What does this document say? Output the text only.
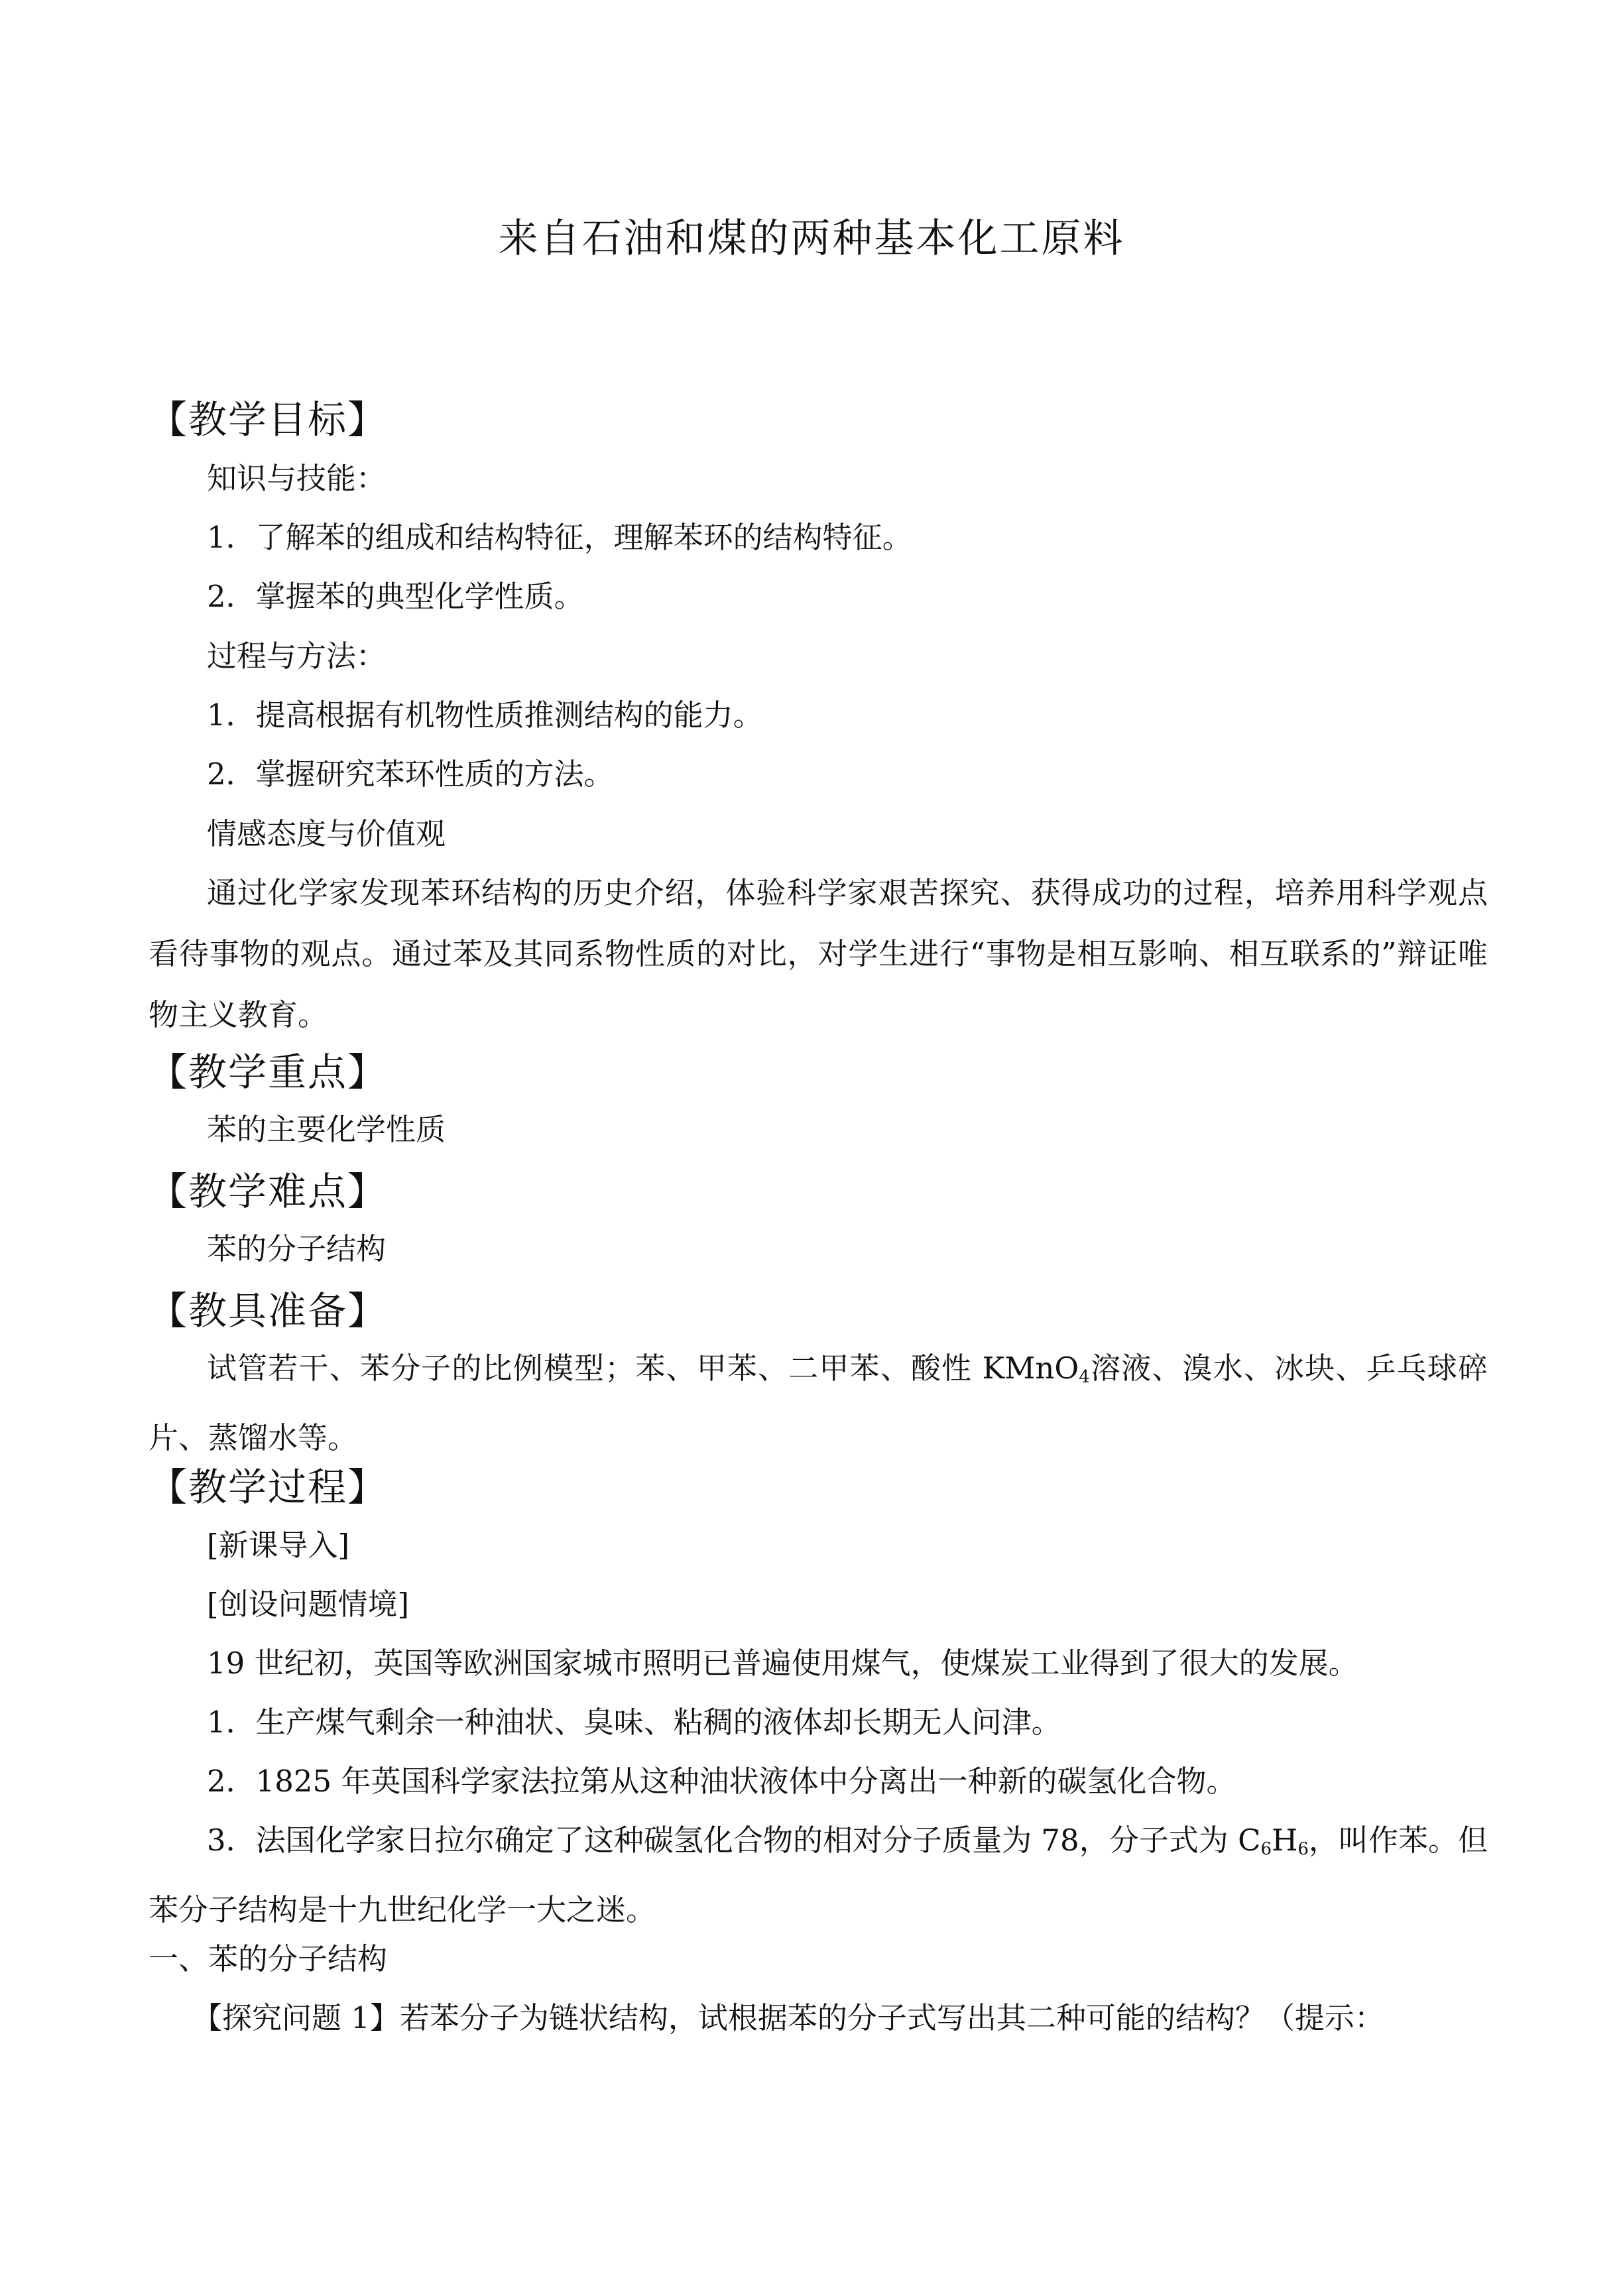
来自石油和煤的两种基本化工原料
【教学目标】
知识与技能：
1．了解苯的组成和结构特征，理解苯环的结构特征。
2．掌握苯的典型化学性质。
过程与方法：
1．提高根据有机物性质推测结构的能力。
2．掌握研究苯环性质的方法。
情感态度与价值观
通过化学家发现苯环结构的历史介绍，体验科学家艰苦探究、获得成功的过程，培养用科学观点看待事物的观点。通过苯及其同系物性质的对比，对学生进行“事物是相互影响、相互联系的”辩证唯物主义教育。
【教学重点】
苯的主要化学性质
【教学难点】
苯的分子结构
【教具准备】
试管若干、苯分子的比例模型；苯、甲苯、二甲苯、酸性 KMnO$_4$溶液、溴水、冰块、乒乓球碎片、蒸馏水等。
【教学过程】
[新课导入]
[创设问题情境]
19 世纪初，英国等欧洲国家城市照明已普遍使用煤气，使煤炭工业得到了很大的发展。
1．生产煤气剩余一种油状、臭味、粘稠的液体却长期无人问津。
2．1825 年英国科学家法拉第从这种油状液体中分离出一种新的碳氢化合物。
3．法国化学家日拉尔确定了这种碳氢化合物的相对分子质量为 78，分子式为 $C_6H_6$，叫作苯。但苯分子结构是十九世纪化学一大之迷。
一、苯的分子结构
【探究问题 1】若苯分子为链状结构，试根据苯的分子式写出其二种可能的结构？（提示：
